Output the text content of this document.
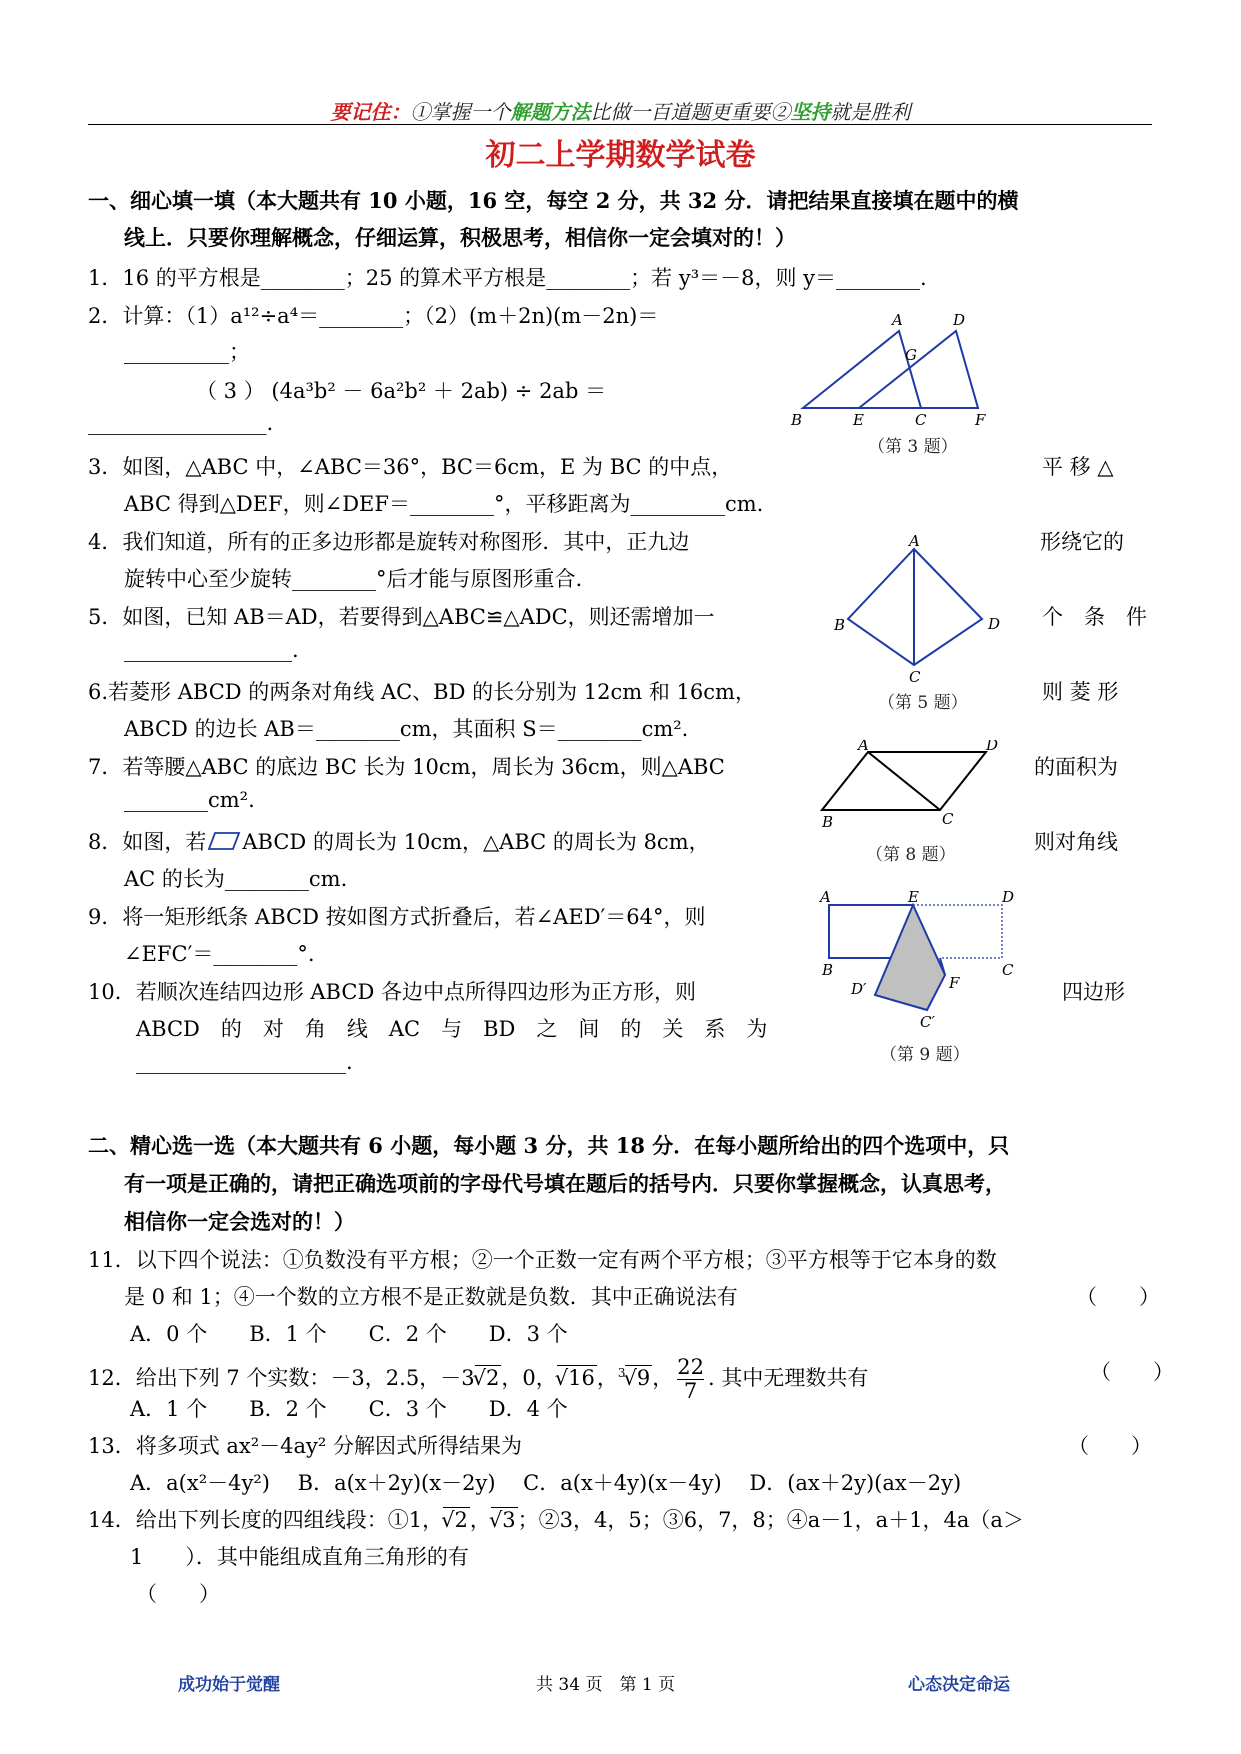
要记住：①掌握一个解题方法比做一百道题更重要②坚持就是胜利
初二上学期数学试卷
一、细心填一填（本大题共有 10 小题，16 空，每空 2 分，共 32 分．请把结果直接填在题中的横
线上．只要你理解概念，仔细运算，积极思考，相信你一定会填对的！）
1．16 的平方根是________；25 的算术平方根是________；若 y³＝－8，则 y＝________.
2．计算：（1）a¹²÷a⁴＝________；（2）(m＋2n)(m－2n)＝
__________；
（ 3 ） (4a³b² － 6a²b² ＋ 2ab) ÷ 2ab ＝
_________________.
3．如图，△ABC 中，∠ABC＝36°，BC＝6cm，E 为 BC 的中点，	平 移 △
ABC 得到△DEF，则∠DEF＝________°，平移距离为_________cm.
4．我们知道，所有的正多边形都是旋转对称图形．其中，正九边	形绕它的
旋转中心至少旋转________°后才能与原图形重合.
5．如图，已知 AB＝AD，若要得到△ABC≌△ADC，则还需增加一	个　条　件
________________.
6.若菱形 ABCD 的两条对角线 AC、BD 的长分别为 12cm 和 16cm，	则 菱 形
ABCD 的边长 AB＝________cm，其面积 S＝________cm².
7．若等腰△ABC 的底边 BC 长为 10cm，周长为 36cm，则△ABC	的面积为
________cm².
8．如图，若 ABCD 的周长为 10cm，△ABC 的周长为 8cm，	则对角线
AC 的长为________cm.
9．将一矩形纸条 ABCD 按如图方式折叠后，若∠AED′＝64°，则
∠EFC′＝________°.
10．若顺次连结四边形 ABCD 各边中点所得四边形为正方形，则	四边形
ABCD　的　对　角　线　AC　与　BD　之　间　的　关　系　为
____________________.
A	D
G
B	E	C	F
（第 3 题）
A
B
C
D
（第 5 题）
A
B	C
D
（第 8 题）
A	E	D
B	C
D′	F
C′
（第 9 题）
二、精心选一选（本大题共有 6 小题，每小题 3 分，共 18 分．在每小题所给出的四个选项中，只
有一项是正确的，请把正确选项前的字母代号填在题后的括号内．只要你掌握概念，认真思考，
相信你一定会选对的！）
11．以下四个说法：①负数没有平方根；②一个正数一定有两个平方根；③平方根等于它本身的数
是 0 和 1；④一个数的立方根不是正数就是负数．其中正确说法有	（　　）
A．0 个　　B．1 个　　C．2 个　　D．3 个
12．给出下列 7 个实数：－3，2.5，－3√2，0，√16，$^3$√9， $\frac{22}{7}$ . 其中无理数共有	（　　）
A．1 个　　B．2 个　　C．3 个　　D．4 个
13．将多项式 ax²－4ay² 分解因式所得结果为	（　　）
A．a(x²－4y²)　 B．a(x＋2y)(x－2y)　 C．a(x＋4y)(x－4y)　 D．(ax＋2y)(ax－2y)
14．给出下列长度的四组线段：①1，√2，√3；②3，4，5；③6，7，8；④a－1，a＋1，4a（a＞
1　　）．其中能组成直角三角形的有
（　　）
成功始于觉醒	共 34 页　第 1 页	心态决定命运
